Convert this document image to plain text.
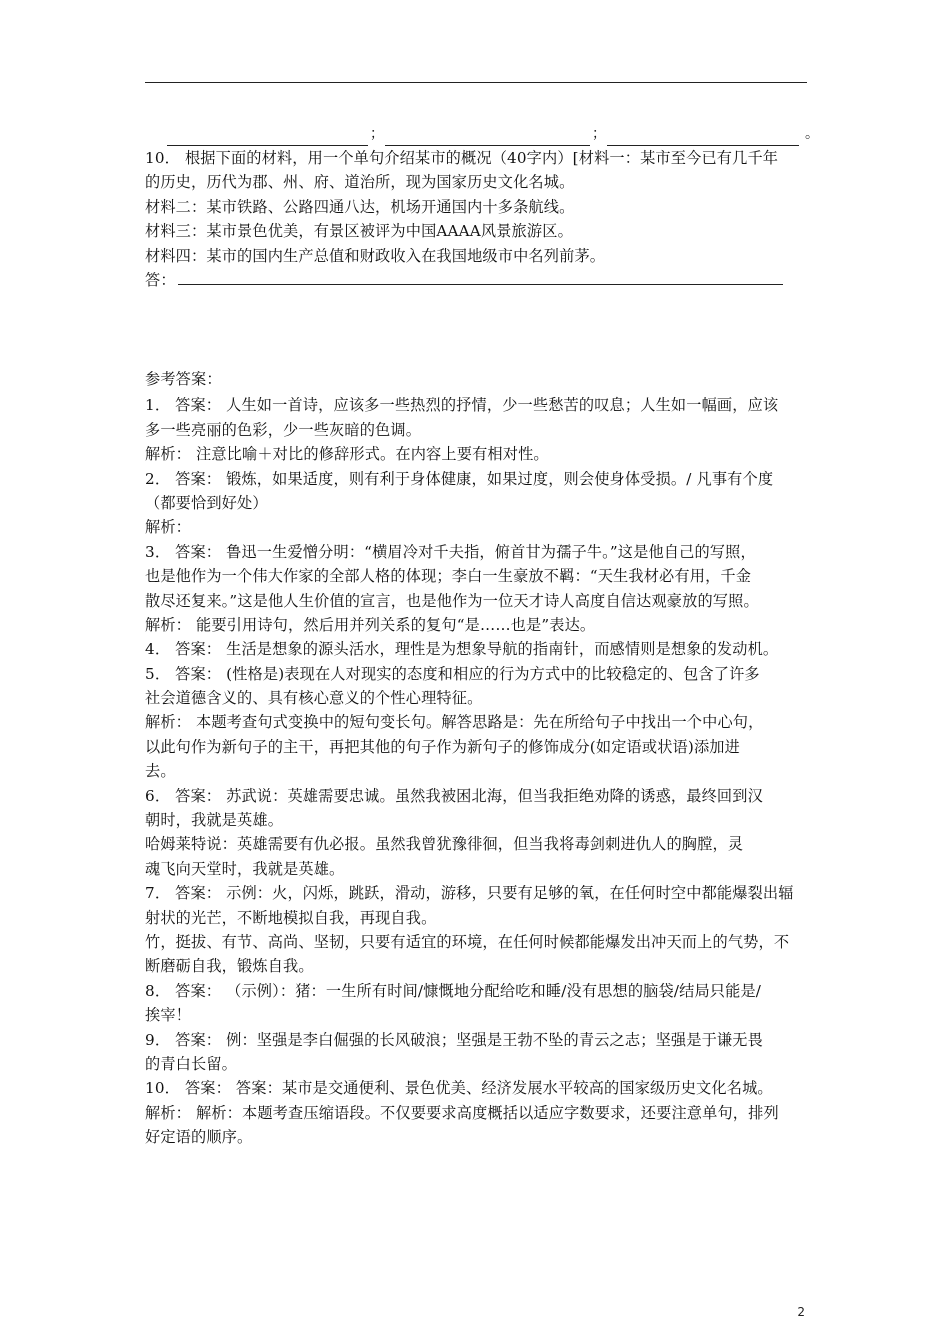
；	；	。
10． 根据下面的材料，用一个单句介绍某市的概况（40字内）[材料一：某市至今已有几千年
的历史，历代为郡、州、府、道治所，现为国家历史文化名城。
材料二：某市铁路、公路四通八达，机场开通国内十多条航线。
材料三：某市景色优美，有景区被评为中国AAAA风景旅游区。
材料四：某市的国内生产总值和财政收入在我国地级市中名列前茅。
答：
参考答案：
1． 答案： 人生如一首诗，应该多一些热烈的抒情，少一些愁苦的叹息；人生如一幅画，应该
多一些亮丽的色彩，少一些灰暗的色调。
解析： 注意比喻＋对比的修辞形式。在内容上要有相对性。
2． 答案： 锻炼，如果适度，则有利于身体健康，如果过度，则会使身体受损。/ 凡事有个度
（都要恰到好处）
解析：
3． 答案： 鲁迅一生爱憎分明：“横眉冷对千夫指，俯首甘为孺子牛。”这是他自己的写照，
也是他作为一个伟大作家的全部人格的体现；李白一生豪放不羁：“天生我材必有用，千金
散尽还复来。”这是他人生价值的宣言，也是他作为一位天才诗人高度自信达观豪放的写照。
解析： 能要引用诗句，然后用并列关系的复句“是……也是”表达。
4． 答案： 生活是想象的源头活水，理性是为想象导航的指南针，而感情则是想象的发动机。
5． 答案： (性格是)表现在人对现实的态度和相应的行为方式中的比较稳定的、包含了许多
社会道德含义的、具有核心意义的个性心理特征。
解析： 本题考查句式变换中的短句变长句。解答思路是：先在所给句子中找出一个中心句，
以此句作为新句子的主干，再把其他的句子作为新句子的修饰成分(如定语或状语)添加进
去。
6． 答案： 苏武说：英雄需要忠诚。虽然我被困北海，但当我拒绝劝降的诱惑，最终回到汉
朝时，我就是英雄。
哈姆莱特说：英雄需要有仇必报。虽然我曾犹豫徘徊，但当我将毒剑刺进仇人的胸膛，灵
魂飞向天堂时，我就是英雄。
7． 答案： 示例：火，闪烁，跳跃，滑动，游移，只要有足够的氧，在任何时空中都能爆裂出辐
射状的光芒，不断地模拟自我，再现自我。
竹，挺拔、有节、高尚、坚韧，只要有适宜的环境，在任何时候都能爆发出冲天而上的气势，不
断磨砺自我，锻炼自我。
8． 答案： （示例）：猪：一生所有时间/慷慨地分配给吃和睡/没有思想的脑袋/结局只能是/
挨宰！
9． 答案： 例：坚强是李白倔强的长风破浪；坚强是王勃不坠的青云之志；坚强是于谦无畏
的青白长留。
10． 答案： 答案：某市是交通便利、景色优美、经济发展水平较高的国家级历史文化名城。
解析： 解析：本题考查压缩语段。不仅要要求高度概括以适应字数要求，还要注意单句，排列
好定语的顺序。
2
